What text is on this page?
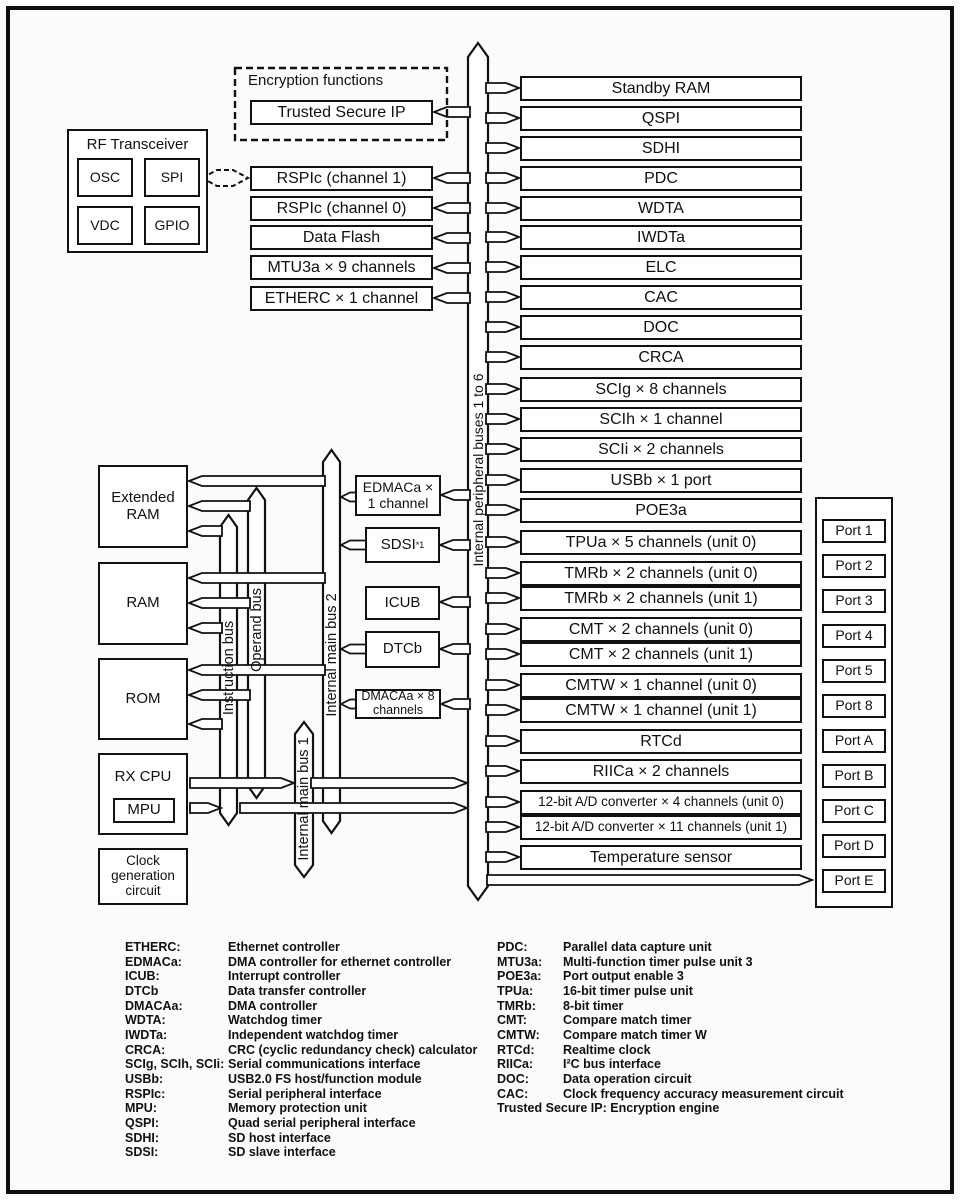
Standby RAM
QSPI
SDHI
PDC
WDTA
IWDTa
ELC
CAC
DOC
CRCA
SCIg × 8 channels
SCIh × 1 channel
SCIi × 2 channels
USBb × 1 port
POE3a
TPUa × 5 channels (unit 0)
TMRb × 2 channels (unit 0)
TMRb × 2 channels (unit 1)
CMT × 2 channels (unit 0)
CMT × 2 channels (unit 1)
CMTW × 1 channel (unit 0)
CMTW × 1 channel (unit 1)
RTCd
RIICa × 2 channels
12-bit A/D converter × 4 channels (unit 0)
12-bit A/D converter × 11 channels (unit 1)
Temperature sensor
Trusted Secure IP
RSPIc (channel 1)
RSPIc (channel 0)
Data Flash
MTU3a × 9 channels
ETHERC × 1 channel
Encryption functions
EDMACa × 1 channel
SDSI *1
ICUB
DTCb
DMACAa × 8 channels
Extended RAM
RAM
ROM
RX CPU
MPU
Clock generation circuit
RF Transceiver
OSC	SPI
VDC GPIO
Port 1
Port 2
Port 3
Port 4
Port 5
Port 8
Port A
Port B
Port C
Port D
Port E
Instruction bus Operand bus
Internal main bus 1
Internal main bus 2
Internal peripheral buses 1 to 6
ETHERC:	Ethernet controller
EDMACa:	DMA controller for ethernet controller
ICUB:	Interrupt controller
DTCb	Data transfer controller
DMACAa:	DMA controller
WDTA:	Watchdog timer
IWDTa:	Independent watchdog timer
CRCA:	CRC (cyclic redundancy check) calculator
SCIg, SCIh, SCIi: Serial communications interface
USBb:	USB2.0 FS host/function module
RSPIc:	Serial peripheral interface
MPU:	Memory protection unit
QSPI:	Quad serial peripheral interface
SDHI:	SD host interface
SDSI:	SD slave interface
PDC:	Parallel data capture unit
MTU3a:	Multi-function timer pulse unit 3
POE3a:	Port output enable 3
TPUa:	16-bit timer pulse unit
TMRb:	8-bit timer
CMT:	Compare match timer
CMTW:	Compare match timer W
RTCd:	Realtime clock
RIICa:	I²C bus interface
DOC:	Data operation circuit
CAC:	Clock frequency accuracy measurement circuit
Trusted Secure IP: Encryption engine
